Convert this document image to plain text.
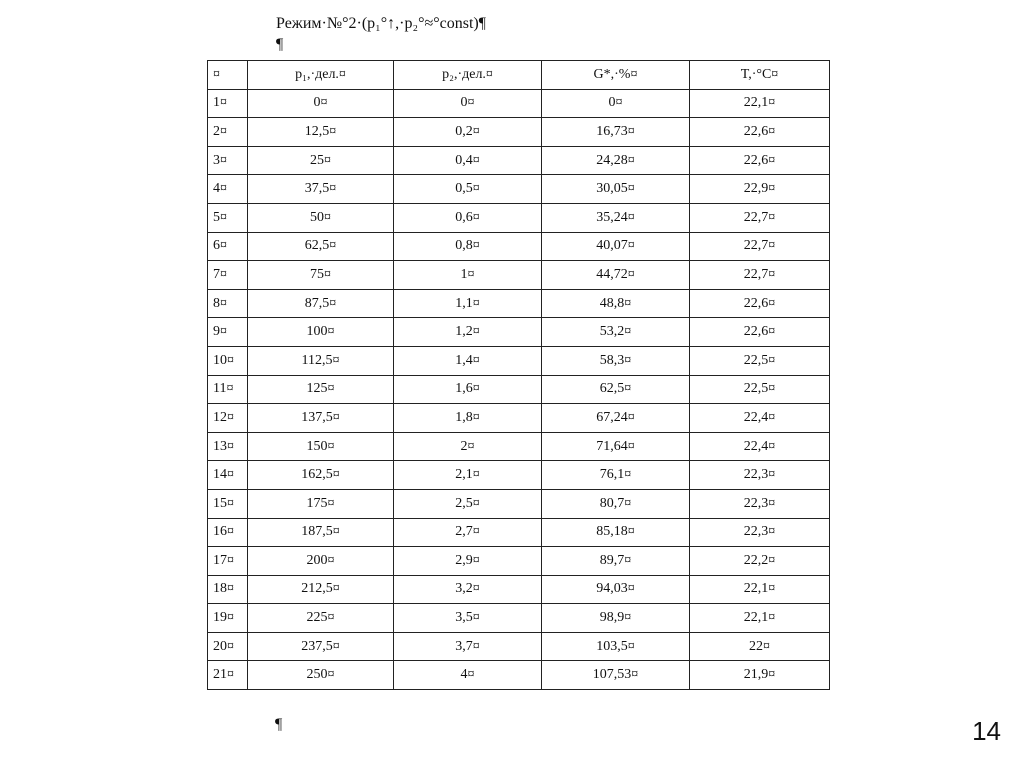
Режим·№°2·(p₁°↑,·p₂°≈°const)¶
¶
¤	p₁,·дел.¤	p₂,·дел.¤	G*,·%¤	T,·°C¤
1¤	0¤	0¤	0¤	22,1¤
2¤	12,5¤	0,2¤	16,73¤	22,6¤
3¤	25¤	0,4¤	24,28¤	22,6¤
4¤	37,5¤	0,5¤	30,05¤	22,9¤
5¤	50¤	0,6¤	35,24¤	22,7¤
6¤	62,5¤	0,8¤	40,07¤	22,7¤
7¤	75¤	1¤	44,72¤	22,7¤
8¤	87,5¤	1,1¤	48,8¤	22,6¤
9¤	100¤	1,2¤	53,2¤	22,6¤
10¤	112,5¤	1,4¤	58,3¤	22,5¤
11¤	125¤	1,6¤	62,5¤	22,5¤
12¤	137,5¤	1,8¤	67,24¤	22,4¤
13¤	150¤	2¤	71,64¤	22,4¤
14¤	162,5¤	2,1¤	76,1¤	22,3¤
15¤	175¤	2,5¤	80,7¤	22,3¤
16¤	187,5¤	2,7¤	85,18¤	22,3¤
17¤	200¤	2,9¤	89,7¤	22,2¤
18¤	212,5¤	3,2¤	94,03¤	22,1¤
19¤	225¤	3,5¤	98,9¤	22,1¤
20¤	237,5¤	3,7¤	103,5¤	22¤
21¤	250¤	4¤	107,53¤	21,9¤
¶	14
